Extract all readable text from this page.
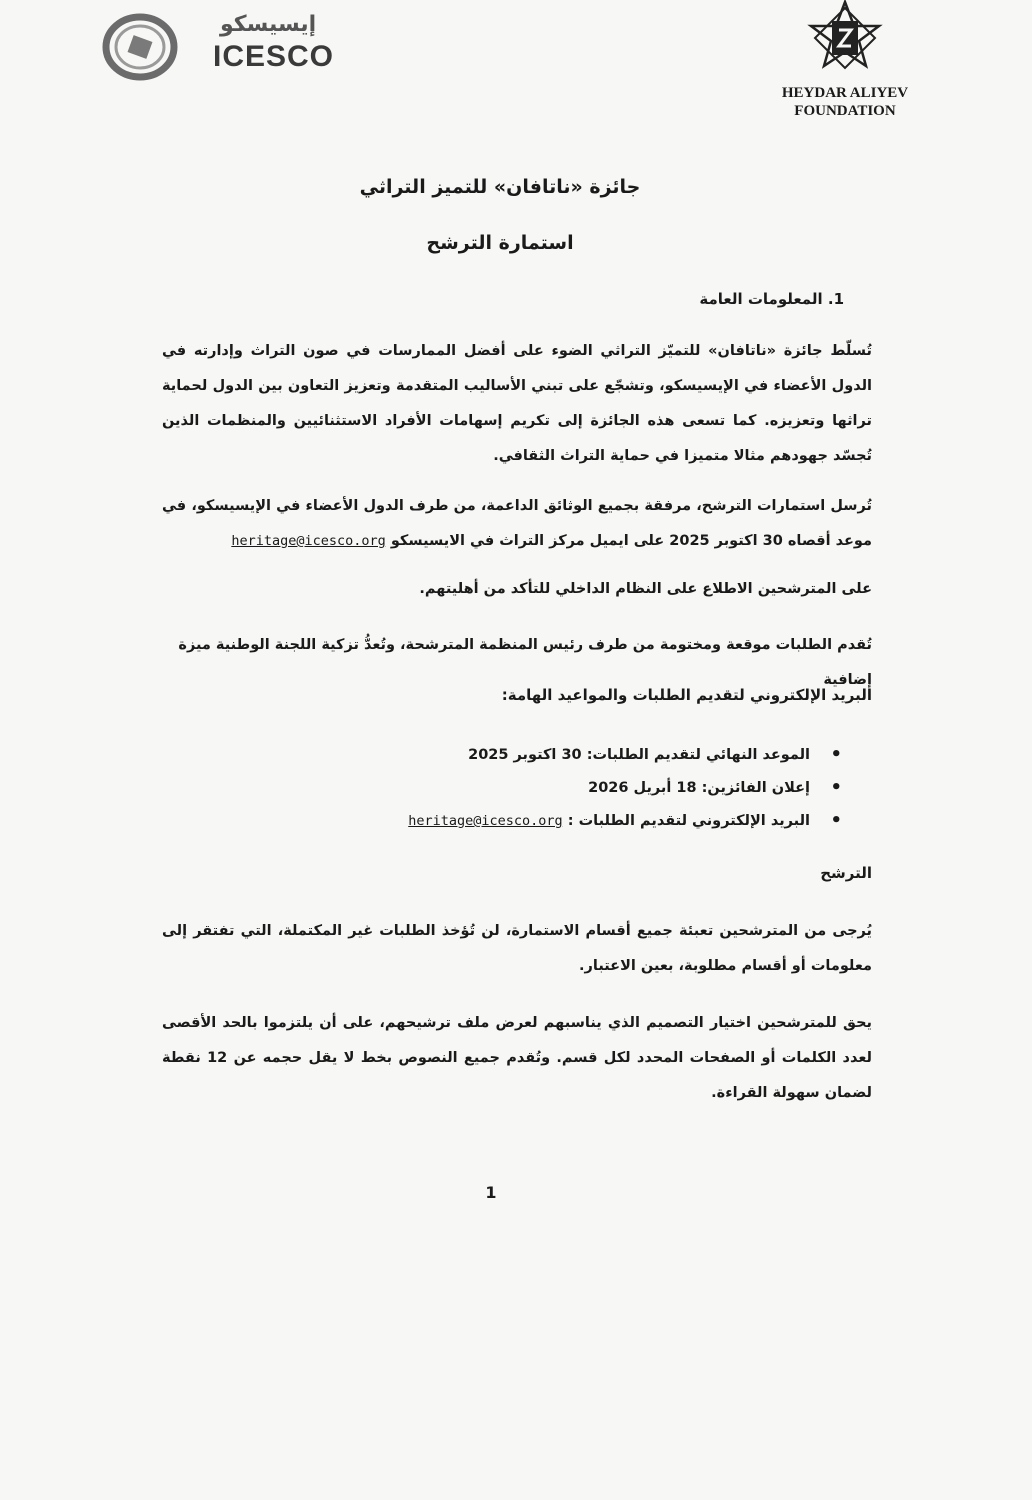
إيسيسكو
ICESCO
HEYDAR ALIYEV
FOUNDATION
جائزة «ناتافان» للتميز التراثي
استمارة الترشح
1. المعلومات العامة
تُسلّط جائزة «ناتافان» للتميّز التراثي الضوء على أفضل الممارسات في صون التراث وإدارته في الدول الأعضاء في الإيسيسكو، وتشجّع على تبني الأساليب المتقدمة وتعزيز التعاون بين الدول لحماية تراثها وتعزيزه. كما تسعى هذه الجائزة إلى تكريم إسهامات الأفراد الاستثنائيين والمنظمات الذين تُجسّد جهودهم مثالا متميزا في حماية التراث الثقافي.
تُرسل استمارات الترشح، مرفقة بجميع الوثائق الداعمة، من طرف الدول الأعضاء في الإيسيسكو، في موعد أقصاه 30 اكتوبر 2025 على ايميل مركز التراث في الايسيسكو heritage@icesco.org
على المترشحين الاطلاع على النظام الداخلي للتأكد من أهليتهم.
تُقدم الطلبات موقعة ومختومة من طرف رئيس المنظمة المترشحة، وتُعدُّ تزكية اللجنة الوطنية ميزة إضافية
البريد الإلكتروني لتقديم الطلبات والمواعيد الهامة:
• الموعد النهائي لتقديم الطلبات: 30 اكتوبر 2025
• إعلان الفائزين: 18 أبريل 2026
• البريد الإلكتروني لتقديم الطلبات : heritage@icesco.org
الترشح
يُرجى من المترشحين تعبئة جميع أقسام الاستمارة، لن تُؤخذ الطلبات غير المكتملة، التي تفتقر إلى معلومات أو أقسام مطلوبة، بعين الاعتبار.
يحق للمترشحين اختيار التصميم الذي يناسبهم لعرض ملف ترشيحهم، على أن يلتزموا بالحد الأقصى لعدد الكلمات أو الصفحات المحدد لكل قسم. وتُقدم جميع النصوص بخط لا يقل حجمه عن 12 نقطة لضمان سهولة القراءة.
1
